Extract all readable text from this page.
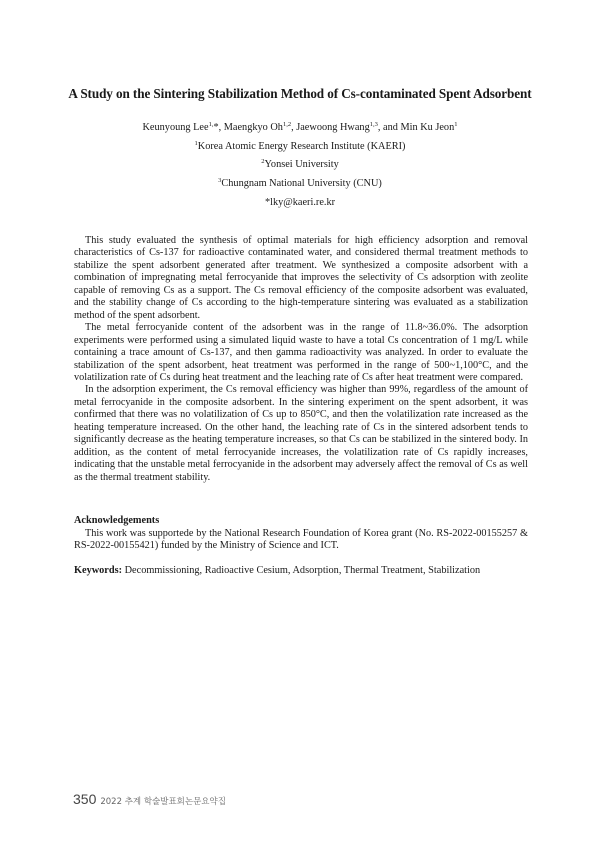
A Study on the Sintering Stabilization Method of Cs-contaminated Spent Adsorbent
Keunyoung Lee$^{1,}$*, Maengkyo Oh$^{1,2}$, Jaewoong Hwang$^{1,3}$, and Min Ku Jeon$^1$
$^1$Korea Atomic Energy Research Institute (KAERI)
$^2$Yonsei University
$^3$Chungnam National University (CNU)
*lky@kaeri.re.kr

This study evaluated the synthesis of optimal materials for high efficiency adsorption and removal characteristics of Cs-137 for radioactive contaminated water, and considered thermal treatment methods to stabilize the spent adsorbent generated after treatment. We synthesized a composite adsorbent with a combination of impregnating metal ferrocyanide that improves the selectivity of Cs adsorption with zeolite capable of removing Cs as a support. The Cs removal efficiency of the composite adsorbent was evaluated, and the stability change of Cs according to the high-temperature sintering was evaluated as a stabilization method of the spent adsorbent.

The metal ferrocyanide content of the adsorbent was in the range of 11.8~36.0%. The adsorption experiments were performed using a simulated liquid waste to have a total Cs concentration of 1 mg/L while containing a trace amount of Cs-137, and then gamma radioactivity was analyzed. In order to evaluate the stabilization of the spent adsorbent, heat treatment was performed in the range of 500~1,100°C, and the volatilization rate of Cs during heat treatment and the leaching rate of Cs after heat treatment were compared.

In the adsorption experiment, the Cs removal efficiency was higher than 99%, regardless of the amount of metal ferrocyanide in the composite adsorbent. In the sintering experiment on the spent adsorbent, it was confirmed that there was no volatilization of Cs up to 850°C, and then the volatilization rate increased as the heating temperature increased. On the other hand, the leaching rate of Cs in the sintered adsorbent tends to significantly decrease as the heating temperature increases, so that Cs can be stabilized in the sintered body. In addition, as the content of metal ferrocyanide increases, the volatilization rate of Cs rapidly increases, indicating that the unstable metal ferrocyanide in the adsorbent may adversely affect the removal of Cs as well as the thermal treatment stability.

Acknowledgements

This work was supportede by the National Research Foundation of Korea grant (No. RS-2022-00155257 & RS-2022-00155421) funded by the Ministry of Science and ICT.

Keywords: Decommissioning, Radioactive Cesium, Adsorption, Thermal Treatment, Stabilization
350 2022 추계 학술발표회논문요약집
